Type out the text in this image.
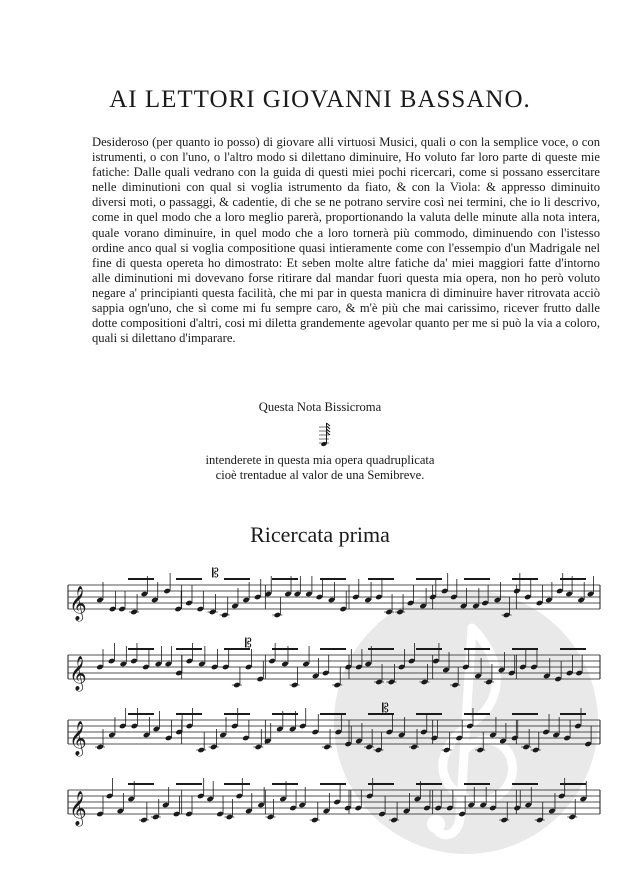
AI LETTORI GIOVANNI BASSANO.
Desideroso (per quanto io posso) di giovare alli virtuosi Musici, quali o con la semplice voce, o con istrumenti, o con l'uno, o l'altro modo si dilettano diminuire, Ho voluto far loro parte di queste mie fatiche: Dalle quali vedrano con la guida di questi miei pochi ricercari, come si possano essercitare nelle diminutioni con qual si voglia istrumento da fiato, & con la Viola: & appresso diminuito diversi moti, o passaggi, & cadentie, di che se ne potrano servire così nei termini, che io li descrivo, come in quel modo che a loro meglio parerà, proportionando la valuta delle minute alla nota intera, quale vorano diminuire, in quel modo che a loro tornerà più commodo, diminuendo con l'istesso ordine anco qual si voglia compositione quasi intieramente come con l'essempio d'un Madrigale nel fine di questa opereta ho dimostrato: Et seben molte altre fatiche da' miei maggiori fatte d'intorno alle diminutioni mi dovevano forse ritirare dal mandar fuori questa mia opera, non ho però voluto negare a' principianti questa facilità, che mi par in questa manicra di diminuire haver ritrovata acciò sappia ogn'uno, che sì come mi fu sempre caro, & m'è più che mai carissimo, ricever frutto dalle dotte compositioni d'altri, cosi mi diletta grandemente agevolar quanto per me si può la via a coloro, quali si dilettano d'imparare.
Questa Nota Bissicroma
intenderete in questa mia opera quadruplicata
cioè trentadue al valor de una Semibreve.
Ricercata prima
𝄞
𝄡
𝄞
𝄡
𝄞
𝄡
𝄞
